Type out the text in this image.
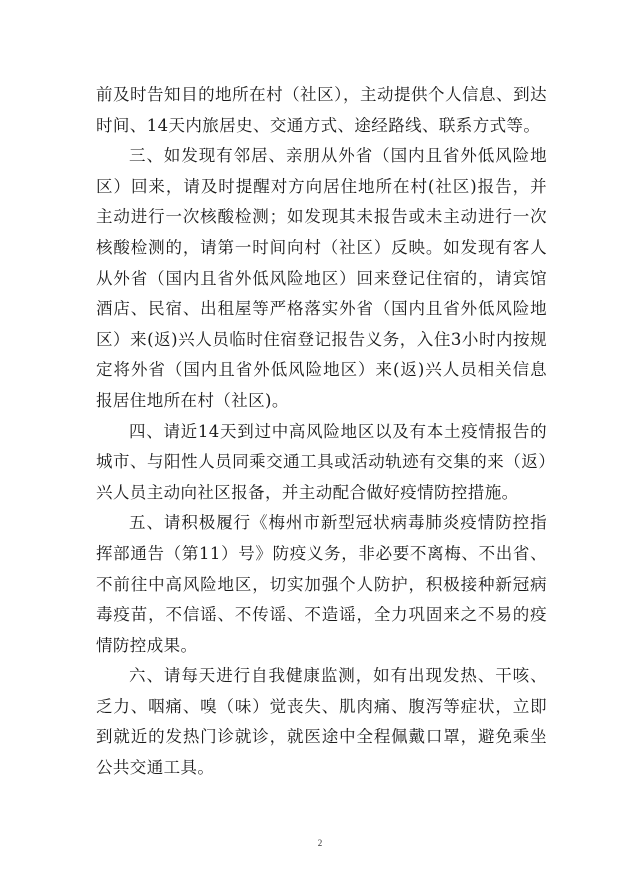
前及时告知目的地所在村（社区），主动提供个人信息、到达时间、14天内旅居史、交通方式、途经路线、联系方式等。

三、如发现有邻居、亲朋从外省（国内且省外低风险地区）回来，请及时提醒对方向居住地所在村(社区)报告，并主动进行一次核酸检测；如发现其未报告或未主动进行一次核酸检测的，请第一时间向村（社区）反映。如发现有客人从外省（国内且省外低风险地区）回来登记住宿的，请宾馆酒店、民宿、出租屋等严格落实外省（国内且省外低风险地区）来(返)兴人员临时住宿登记报告义务，入住3小时内按规定将外省（国内且省外低风险地区）来(返)兴人员相关信息报居住地所在村（社区)。

四、请近14天到过中高风险地区以及有本土疫情报告的城市、与阳性人员同乘交通工具或活动轨迹有交集的来（返）兴人员主动向社区报备，并主动配合做好疫情防控措施。

五、请积极履行《梅州市新型冠状病毒肺炎疫情防控指挥部通告（第11）号》防疫义务，非必要不离梅、不出省、不前往中高风险地区，切实加强个人防护，积极接种新冠病毒疫苗，不信谣、不传谣、不造谣，全力巩固来之不易的疫情防控成果。

六、请每天进行自我健康监测，如有出现发热、干咳、乏力、咽痛、嗅（味）觉丧失、肌肉痛、腹泻等症状，立即到就近的发热门诊就诊，就医途中全程佩戴口罩，避免乘坐公共交通工具。

2
